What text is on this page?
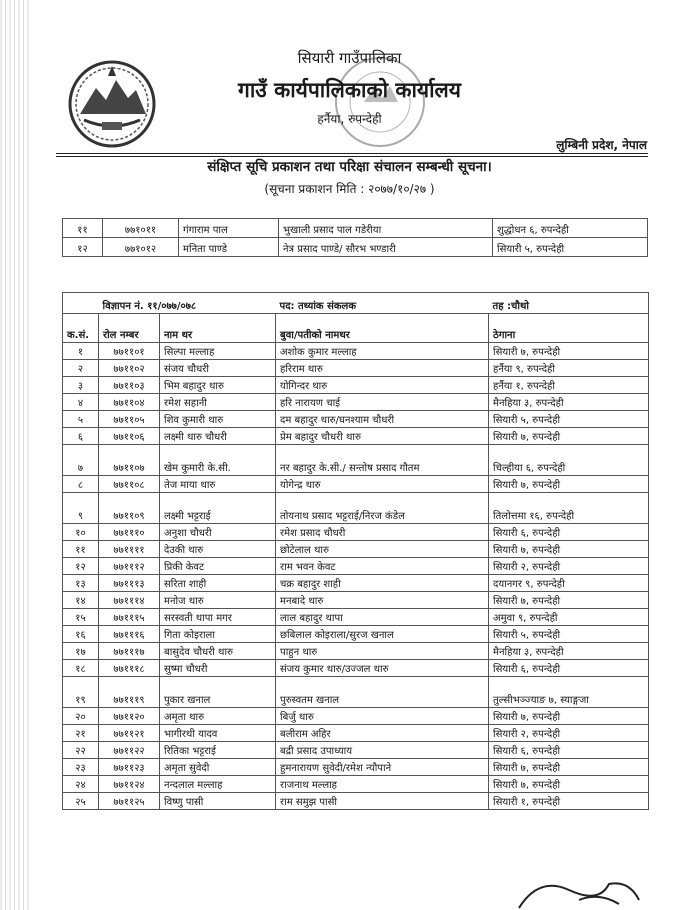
सियारी गाउँपालिका
गाउँ कार्यपालिकाको कार्यालय
हर्नैया, रुपन्देही
लुम्बिनी प्रदेश, नेपाल
संक्षिप्त सूचि प्रकाशन तथा परिक्षा संचालन सम्बन्धी सूचना।
(सूचना प्रकाशन मिति : २०७७/१०/२७ )
११	७७१०११	गंगाराम पाल	भुखाली प्रसाद पाल गडेरीया	शुद्धोधन ६, रुपन्देही
१२	७७१०१२	मनिता पाण्डे	नेत्र प्रसाद पाण्डे/ सौरभ भण्डारी	सियारी ५, रुपन्देही
	विज्ञापन नं. ११/०७७/०७८		पद: तथ्यांक संकलक	तह :चौथो
क.सं.	रोल नम्बर	नाम थर	बुवा/पतीको नामथर	ठेगाना
१	७७११०१	सिल्पा मल्लाह	अशोक कुमार मल्लाह	सियारी ७, रुपन्देही
२	७७११०२	संजय चौधरी	हरिराम थारु	हर्नैया ९, रुपन्देही
३	७७११०३	भिम बहादुर थारु	योगिन्दर थारु	हर्नैया १, रुपन्देही
४	७७११०४	रमेश सहानी	हरि नारायण चाई	मैनहिया ३, रुपन्देही
५	७७११०५	शिव कुमारी थारु	दम बहादुर थारु/घनश्याम चौधरी	सियारी ५, रुपन्देही
६	७७११०६	लक्ष्मी थारु चौधरी	प्रेम बहादुर चौधरी थारु	सियारी ७, रुपन्देही
७	७७११०७	खेम कुमारी के.सी.	नर बहादुर के.सी./ सन्तोष प्रसाद गौतम	चिल्हीया ६, रुपन्देही
८	७७११०८	तेज माया थारु	योगेन्द्र थारु	सियारी ७, रुपन्देही
९	७७११०९	लक्ष्मी भट्टराई	तोयनाथ प्रसाद भट्टराई/निरज कंडेल	तिलोत्तमा १६, रुपन्देही
१०	७७१११०	अनुशा चौधरी	रमेश प्रसाद चौधरी	सियारी ६, रुपन्देही
११	७७११११	देउकी थारु	छोटेलाल थारु	सियारी ७, रुपन्देही
१२	७७१११२	प्रिकी केवट	राम भवन केवट	सियारी २, रुपन्देही
१३	७७१११३	सरिता शाही	चक्र बहादुर शाही	दयानगर ९, रुपन्देही
१४	७७१११४	मनोज थारु	मनबादे थारु	सियारी ७, रुपन्देही
१५	७७१११५	सरस्वती थापा मगर	लाल बहादुर थापा	अमुवा ९, रुपन्देही
१६	७७१११६	गिता कोइराला	छबिलाल कोइराला/सुरज खनाल	सियारी ५, रुपन्देही
१७	७७१११७	बासुदेव चौधरी थारु	पाहुन थारु	मैनहिया ३, रुपन्देही
१८	७७१११८	सुष्मा चौधरी	संजय कुमार थारु/उज्जल थारु	सियारी ६, रुपन्देही
१९	७७१११९	पुकार खनाल	पुरुस्वतम खनाल	तुल्सीभञ्ज्याङ ७, स्याङ्गजा
२०	७७११२०	अमृता थारु	बिर्जु थारु	सियारी ७, रुपन्देही
२१	७७११२१	भागीरथी यादव	बलीराम अहिर	सियारी २, रुपन्देही
२२	७७११२२	रितिका भट्टराई	बद्री प्रसाद उपाध्याय	सियारी ६, रुपन्देही
२३	७७११२३	अमृता सुवेदी	हुमनारायण सुवेदी/रमेश न्यौपाने	सियारी ७, रुपन्देही
२४	७७११२४	नन्दलाल मल्लाह	राजनाथ मल्लाह	सियारी ७, रुपन्देही
२५	७७११२५	विष्णु पासी	राम समुझ पासी	सियारी १, रुपन्देही
